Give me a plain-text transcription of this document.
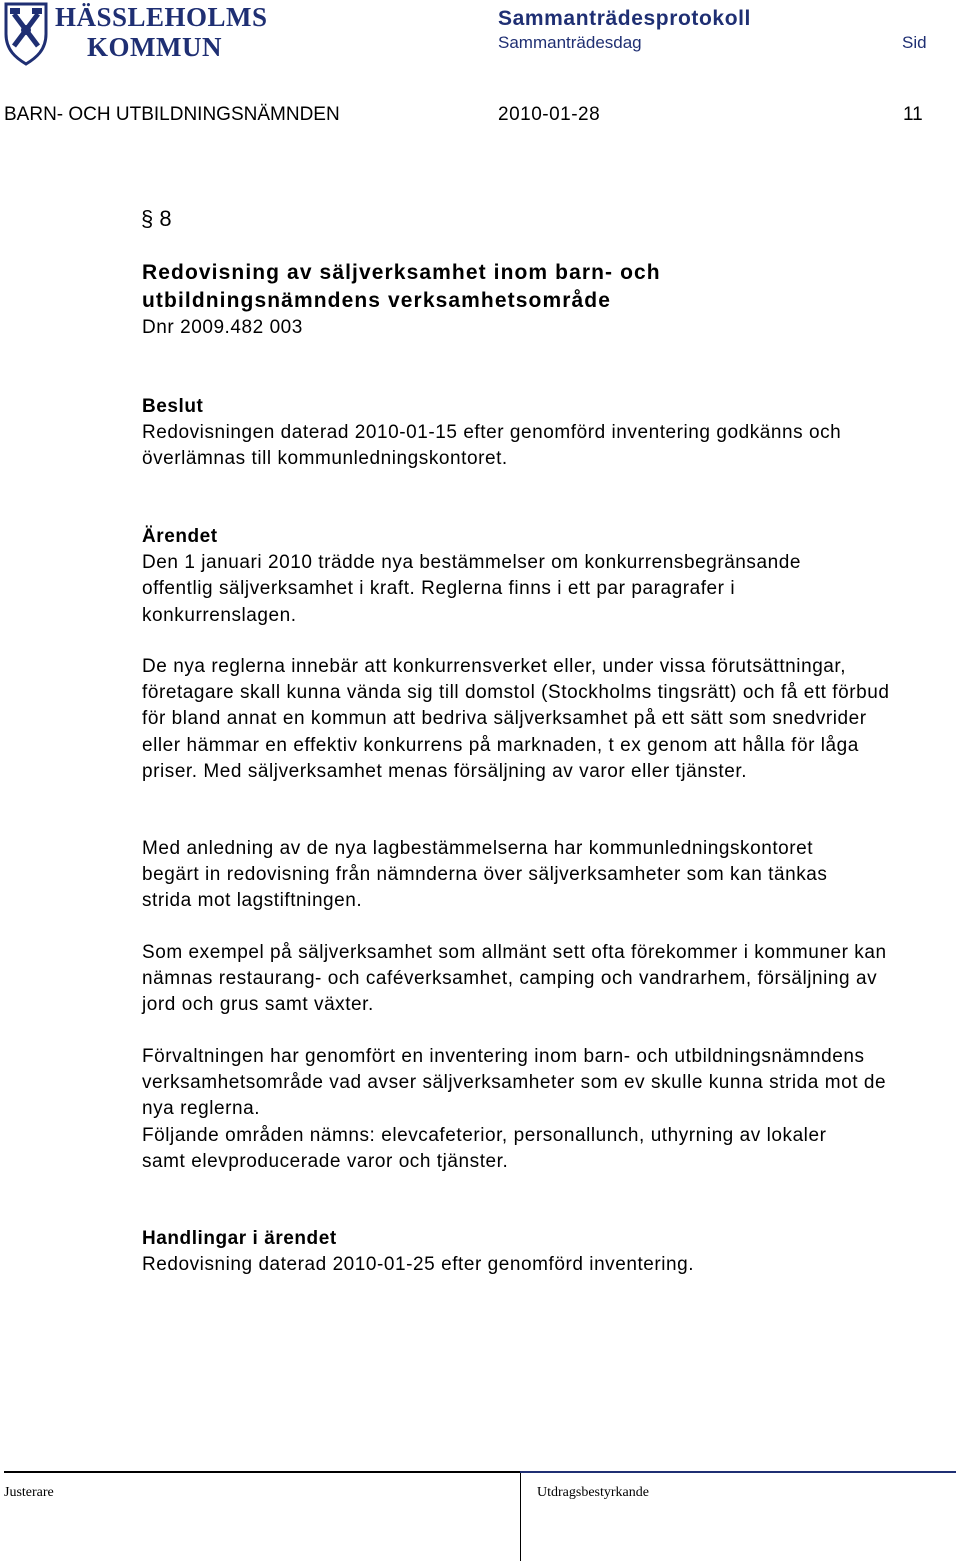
HÄSSLEHOLMS
KOMMUN
Sammanträdesprotokoll
Sammanträdesdag	Sid
BARN- OCH UTBILDNINGSNÄMNDEN	2010-01-28	11
§ 8
Redovisning av säljverksamhet inom barn- och
utbildningsnämndens verksamhetsområde
Dnr 2009.482 003
Beslut

Redovisningen daterad 2010-01-15 efter genomförd inventering godkänns och överlämnas till kommunledningskontoret.

Ärendet

Den 1 januari 2010 trädde nya bestämmelser om konkurrensbegränsande offentlig säljverksamhet i kraft. Reglerna finns i ett par paragrafer i konkurrenslagen.

De nya reglerna innebär att konkurrensverket eller, under vissa förutsättningar, företagare skall kunna vända sig till domstol (Stockholms tingsrätt) och få ett förbud för bland annat en kommun att bedriva säljverksamhet på ett sätt som snedvrider eller hämmar en effektiv konkurrens på marknaden, t ex genom att hålla för låga priser. Med säljverksamhet menas försäljning av varor eller tjänster.
Med anledning av de nya lagbestämmelserna har kommunledningskontoret begärt in redovisning från nämnderna över säljverksamheter som kan tänkas strida mot lagstiftningen.
Som exempel på säljverksamhet som allmänt sett ofta förekommer i kommuner kan nämnas restaurang- och caféverksamhet, camping och vandrarhem, försäljning av jord och grus samt växter.

Förvaltningen har genomfört en inventering inom barn- och utbildningsnämndens verksamhetsområde vad avser säljverksamheter som ev skulle kunna strida mot de nya reglerna.

Följande områden nämns: elevcafeterior, personallunch, uthyrning av lokaler samt elevproducerade varor och tjänster.

Handlingar i ärendet

Redovisning daterad 2010-01-25 efter genomförd inventering.

Justerare	Utdragsbestyrkande
